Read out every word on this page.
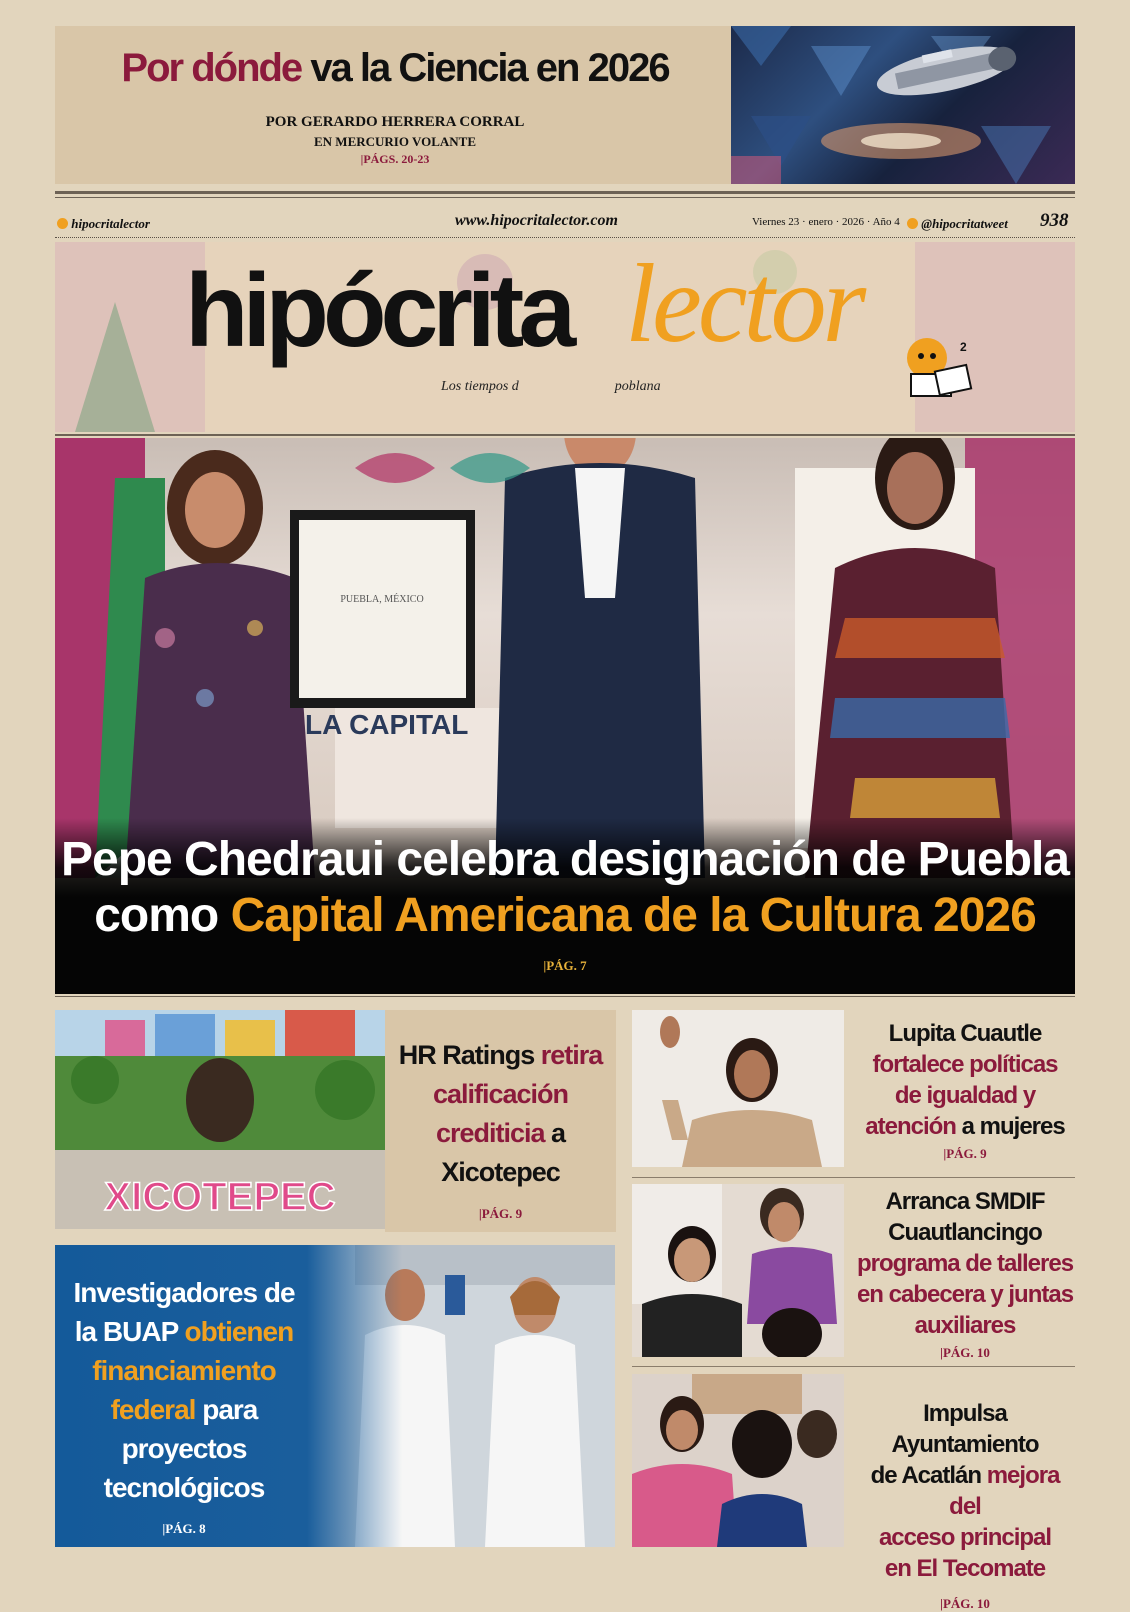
Por dónde va la Ciencia en 2026
POR GERARDO HERRERA CORRAL
EN MERCURIO VOLANTE
|PÁGS. 20-23
hipocritalector	www.hipocritalector.com	Viernes 23 · enero · 2026 · Año 4	@hipocritatweet 938
hipócrita lector	2
Los tiempos d	poblana
PUEBLA, MÉXICO
LA CAPITAL
Pepe Chedraui celebra designación de Puebla
como Capital Americana de la Cultura 2026
|PÁG. 7
XICOTEPEC
HR Ratings retira
calificación
crediticia a
Xicotepec
|PÁG. 9
Investigadores de
la BUAP obtienen
financiamiento
federal para
proyectos
tecnológicos
|PÁG. 8
Lupita Cuautle
fortalece políticas
de igualdad y
atención a mujeres
|PÁG. 9
Arranca SMDIF
Cuautlancingo
programa de talleres
en cabecera y juntas
auxiliares
|PÁG. 10
Impulsa Ayuntamiento
de Acatlán mejora del
acceso principal
en El Tecomate
|PÁG. 10
